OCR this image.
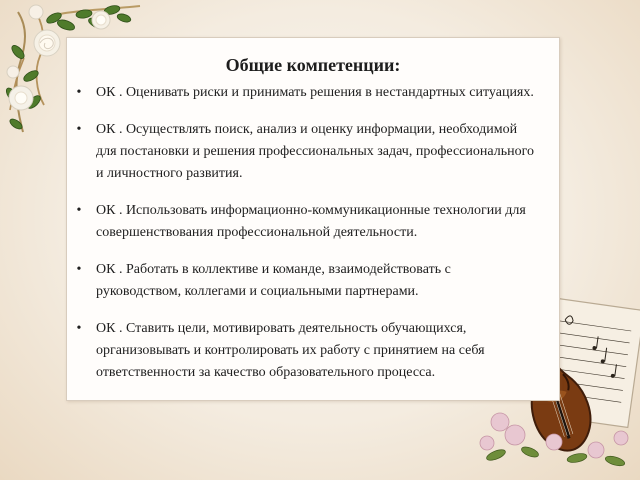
Общие компетенции:
• ОК . Оценивать риски и принимать решения в нестандартных ситуациях.
• ОК . Осуществлять поиск, анализ и оценку информации, необходимой для постановки и решения профессиональных задач, профессионального и личностного развития.
• ОК . Использовать информационно-коммуникационные технологии для совершенствования профессиональной деятельности.
• ОК . Работать в коллективе и команде, взаимодействовать с руководством, коллегами и социальными партнерами.
• ОК . Ставить цели, мотивировать деятельность обучающихся, организовывать и контролировать их работу с принятием на себя ответственности за качество образовательного процесса.
